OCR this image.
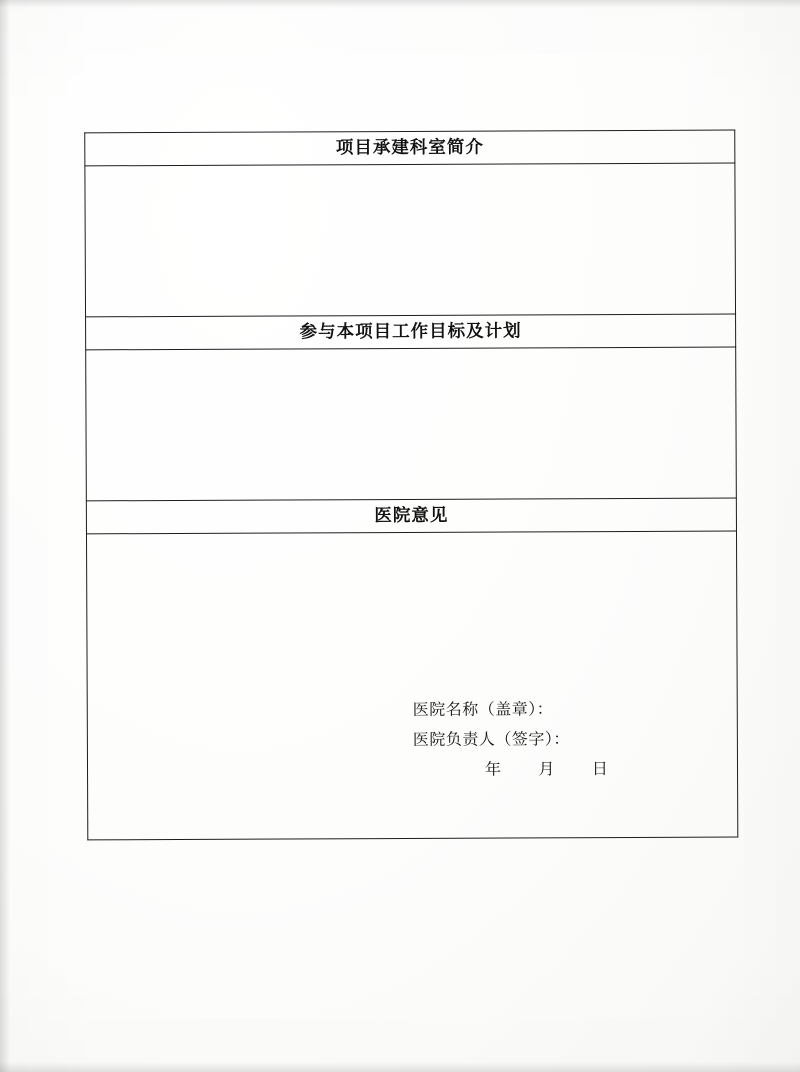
项目承建科室简介

参与本项目工作目标及计划

医院意见

医院名称（盖章）：
医院负责人（签字）：
年     月     日
